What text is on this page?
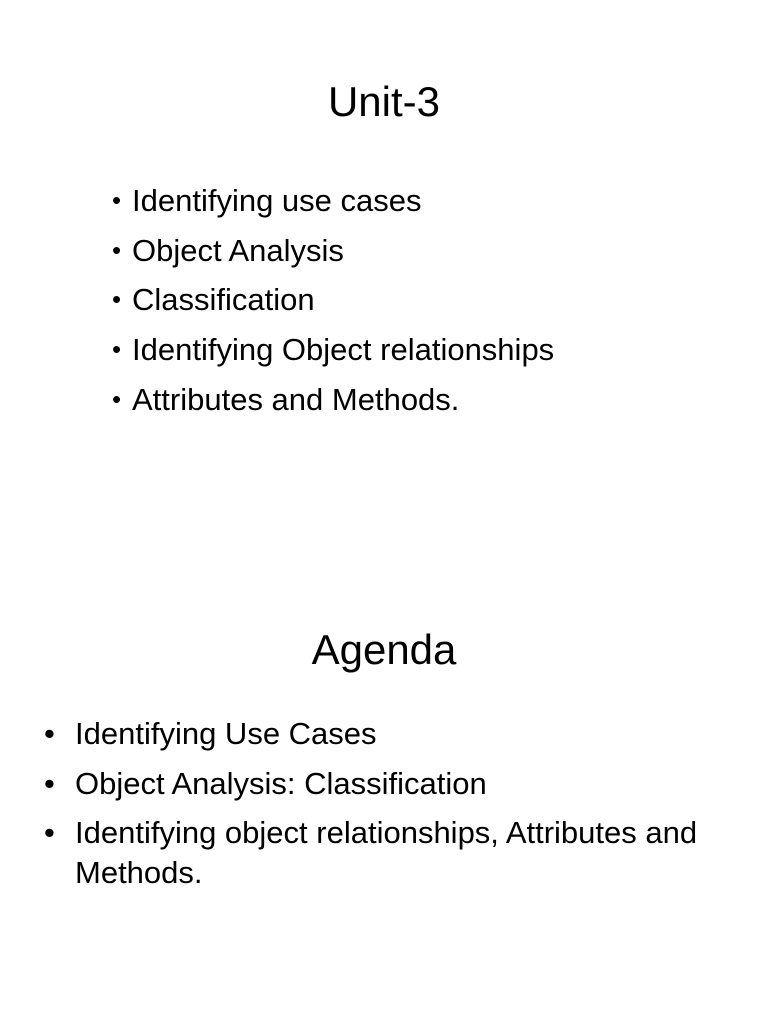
Unit-3
• Identifying use cases
• Object Analysis
• Classification
• Identifying Object relationships
• Attributes and Methods.
Agenda
• Identifying Use Cases
• Object Analysis: Classification
• Identifying object relationships, Attributes and Methods.
